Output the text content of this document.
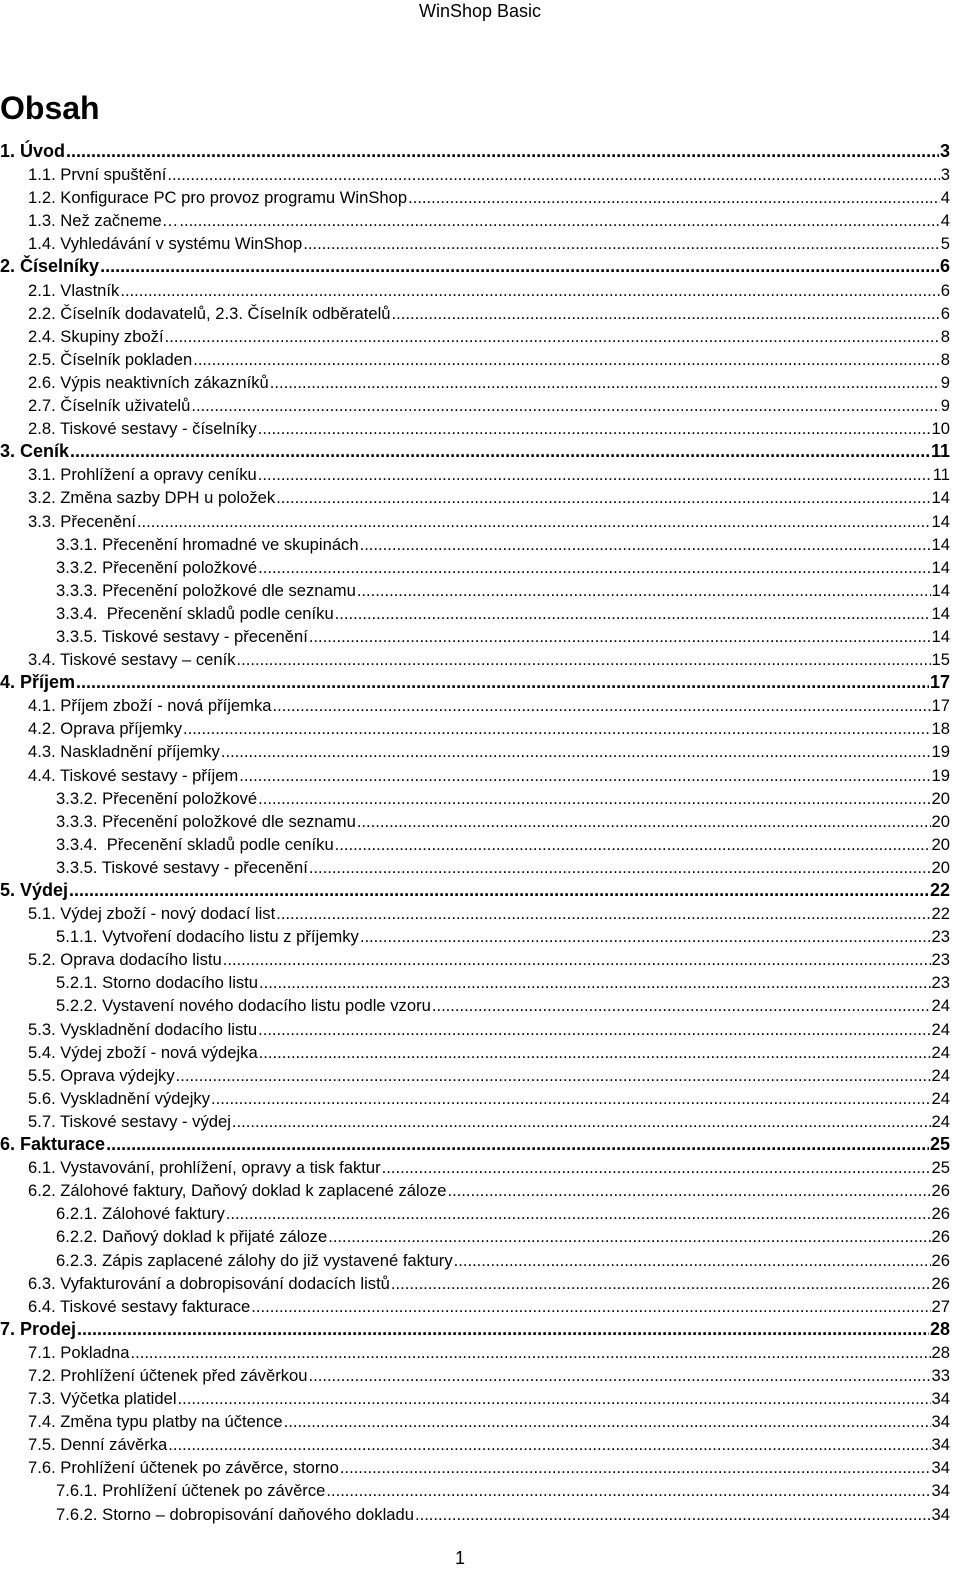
WinShop Basic
Obsah
1. Úvod .....	3
1.1. První spuštění .....	3
1.2. Konfigurace PC pro provoz programu WinShop .....	4
1.3. Než začneme… .....	4
1.4. Vyhledávání v systému WinShop .....	5
2. Číselníky .....	6
2.1. Vlastník .....	6
2.2. Číselník dodavatelů, 2.3. Číselník odběratelů .....	6
2.4. Skupiny zboží .....	8
2.5. Číselník pokladen .....	8
2.6. Výpis neaktivních zákazníků .....	9
2.7. Číselník uživatelů .....	9
2.8. Tiskové sestavy - číselníky .....	10
3. Ceník .....	11
3.1. Prohlížení a opravy ceníku .....	11
3.2. Změna sazby DPH u položek .....	14
3.3. Přecenění .....	14
3.3.1. Přecenění hromadné ve skupinách .....	14
3.3.2. Přecenění položkové .....	14
3.3.3. Přecenění položkové dle seznamu .....	14
3.3.4.  Přecenění skladů podle ceníku .....	14
3.3.5. Tiskové sestavy - přecenění .....	14
3.4. Tiskové sestavy – ceník .....	15
4. Příjem .....	17
4.1. Příjem zboží - nová příjemka .....	17
4.2. Oprava příjemky .....	18
4.3. Naskladnění příjemky .....	19
4.4. Tiskové sestavy - příjem .....	19
3.3.2. Přecenění položkové .....	20
3.3.3. Přecenění položkové dle seznamu .....	20
3.3.4.  Přecenění skladů podle ceníku .....	20
3.3.5. Tiskové sestavy - přecenění .....	20
5. Výdej .....	22
5.1. Výdej zboží - nový dodací list .....	22
5.1.1. Vytvoření dodacího listu z příjemky .....	23
5.2. Oprava dodacího listu .....	23
5.2.1. Storno dodacího listu .....	23
5.2.2. Vystavení nového dodacího listu podle vzoru .....	24
5.3. Vyskladnění dodacího listu .....	24
5.4. Výdej zboží - nová výdejka .....	24
5.5. Oprava výdejky .....	24
5.6. Vyskladnění výdejky .....	24
5.7. Tiskové sestavy - výdej .....	24
6. Fakturace .....	25
6.1. Vystavování, prohlížení, opravy a tisk faktur .....	25
6.2. Zálohové faktury, Daňový doklad k zaplacené záloze .....	26
6.2.1. Zálohové faktury .....	26
6.2.2. Daňový doklad k přijaté záloze .....	26
6.2.3. Zápis zaplacené zálohy do již vystavené faktury .....	26
6.3. Vyfakturování a dobropisování dodacích listů .....	26
6.4. Tiskové sestavy fakturace .....	27
7. Prodej .....	28
7.1. Pokladna .....	28
7.2. Prohlížení účtenek před závěrkou .....	33
7.3. Výčetka platidel .....	34
7.4. Změna typu platby na účtence .....	34
7.5. Denní závěrka .....	34
7.6. Prohlížení účtenek po závěrce, storno .....	34
7.6.1. Prohlížení účtenek po závěrce .....	34
7.6.2. Storno – dobropisování daňového dokladu .....	34
1
